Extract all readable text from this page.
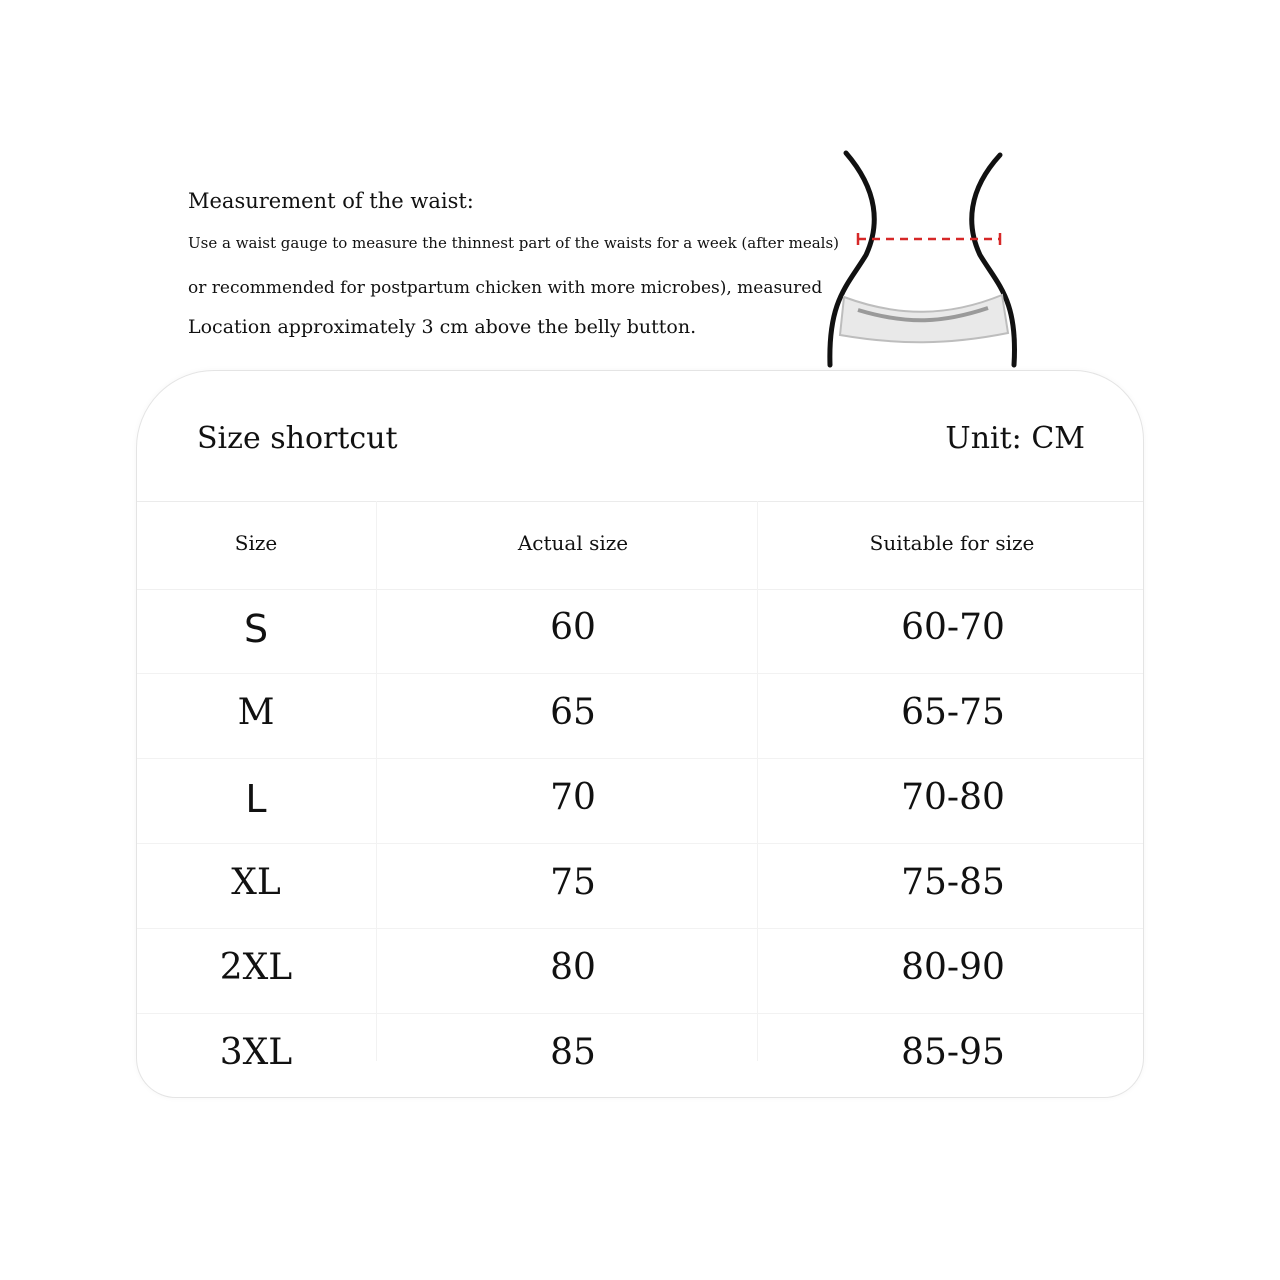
Measurement of the waist:

Use a waist gauge to measure the thinnest part of the waists for a week (after meals)

or recommended for postpartum chicken with more microbes), measured

Location approximately 3 cm above the belly button.

Size shortcut	Unit: CM
Size	Actual size	Suitable for size
S	60	60-70
M	65	65-75
L	70	70-80
XL	75	75-85
2XL	80	80-90
3XL	85	85-95
